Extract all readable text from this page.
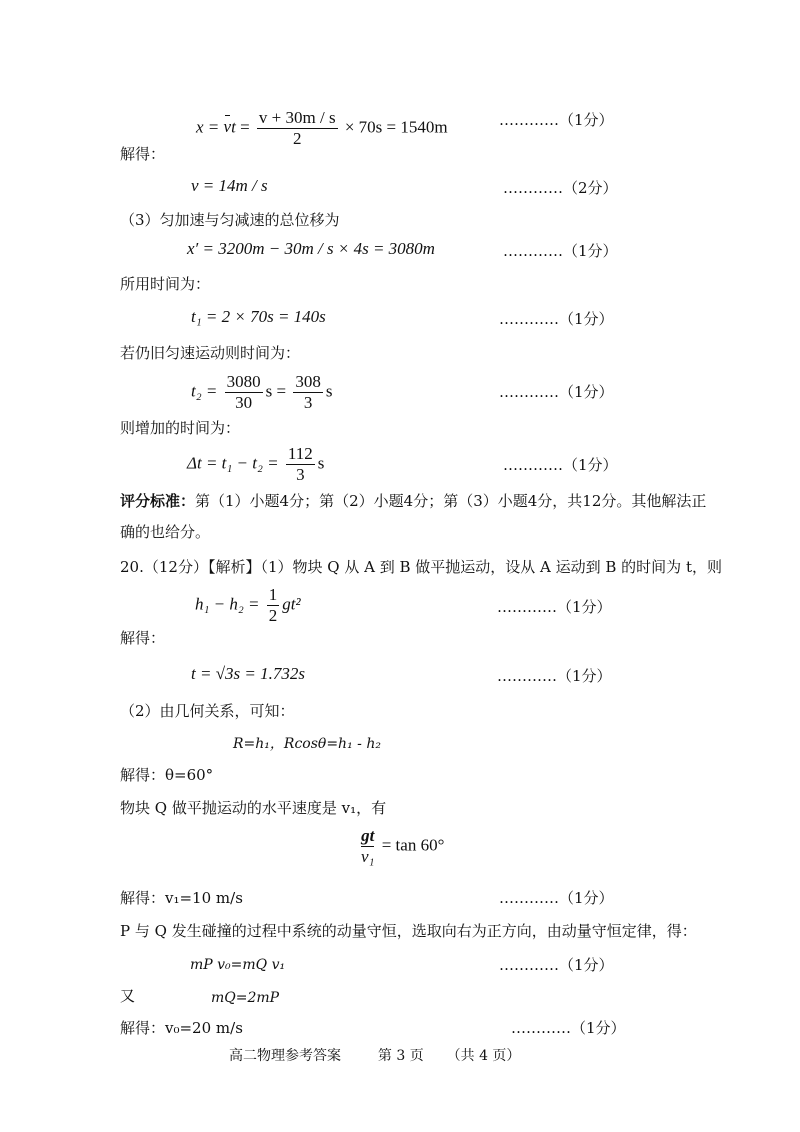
x = vt = $\frac{v + 30m / s}{2} \times 70s = 1540m$	…………（1分）
解得：
v = 14m / s	…………（2分）
（3）匀加速与匀减速的总位移为
x′ = 3200m − 30m / s × 4s = 3080m	…………（1分）
所用时间为：
t₁ = 2 × 70s = 140s	…………（1分）
若仍旧匀速运动则时间为：
$t_2 = \frac{3080}{30}$ $s = \frac{308}{3}$ s	…………（1分）
则增加的时间为：
$\Delta t = t_1 - t_2 = \frac{112}{3}$ s	…………（1分）
评分标准：第（1）小题4分；第（2）小题4分；第（3）小题4分，共12分。其他解法正
确的也给分。
20.（12分）【解析】（1）物块 Q 从 A 到 B 做平抛运动，设从 A 运动到 B 的时间为 t，则
$h_1 - h_2 = \frac{1}{2} gt^2$	…………（1分）
解得：
t = √3s = 1.732s	…………（1分）
（2）由几何关系，可知：
R=h₁，Rcosθ=h₁ - h₂
解得：θ=60°
物块 Q 做平抛运动的水平速度是 v₁，有
$\frac{gt}{\text{v₁}} = \tan 60^\circ$
解得：v₁=10 m/s	…………（1分）
P 与 Q 发生碰撞的过程中系统的动量守恒，选取向右为正方向，由动量守恒定律，得：
mP v₀=mQ v₁	…………（1分）
又	mQ=2mP
解得：v₀=20 m/s	…………（1分）
高二物理参考答案	第 3 页 （共 4 页）
